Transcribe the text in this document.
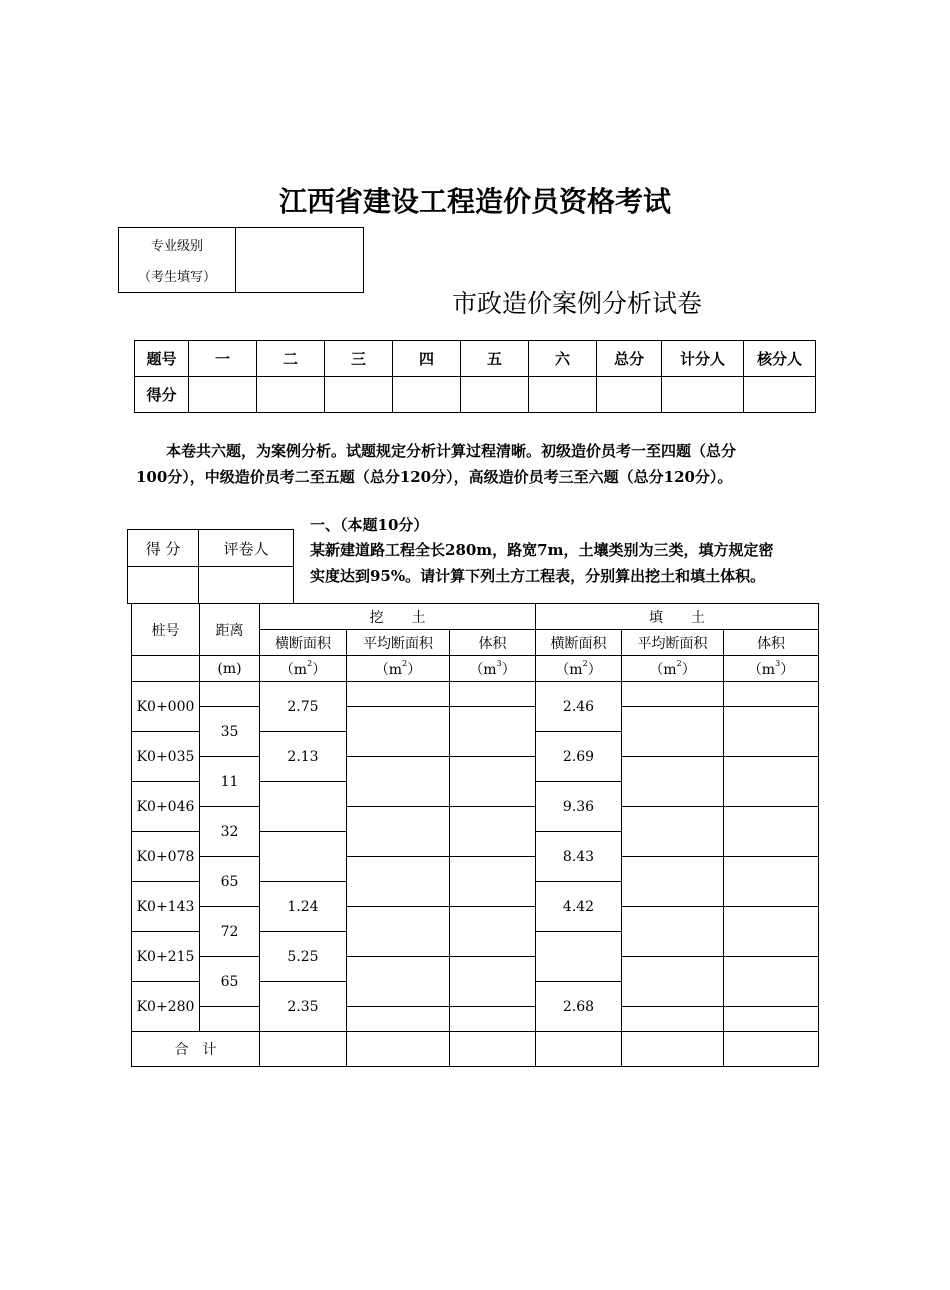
江西省建设工程造价员资格考试
专业级别
（考生填写）

市政造价案例分析试卷
题号	一	二	三	四	五	六	总分	计分人	核分人
得分									
本卷共六题，为案例分析。试题规定分析计算过程清晰。初级造价员考一至四题（总分
100分），中级造价员考二至五题（总分120分），高级造价员考三至六题（总分120分）。
得 分	评卷人

一、（本题10分）
某新建道路工程全长280m，路宽7m，土壤类别为三类，填方规定密
实度达到95%。请计算下列土方工程表，分别算出挖土和填土体积。
桩号	距离	挖　　土			填　　土		
		横断面积	平均断面积	体积	横断面积	平均断面积	体积
	(m)	$(m^2)$	$(m^2)$	$(m^3)$	$(m^2)$	$(m^2)$	$(m^3)$
K0+000		2.75			2.46		
	35						
K0+035		2.13			2.69		
	11						
K0+046					9.36		
	32						
K0+078					8.43		
	65						
K0+143		1.24			4.42		
	72						
K0+215		5.25					
	65						
K0+280		2.35			2.68		

合　计							
